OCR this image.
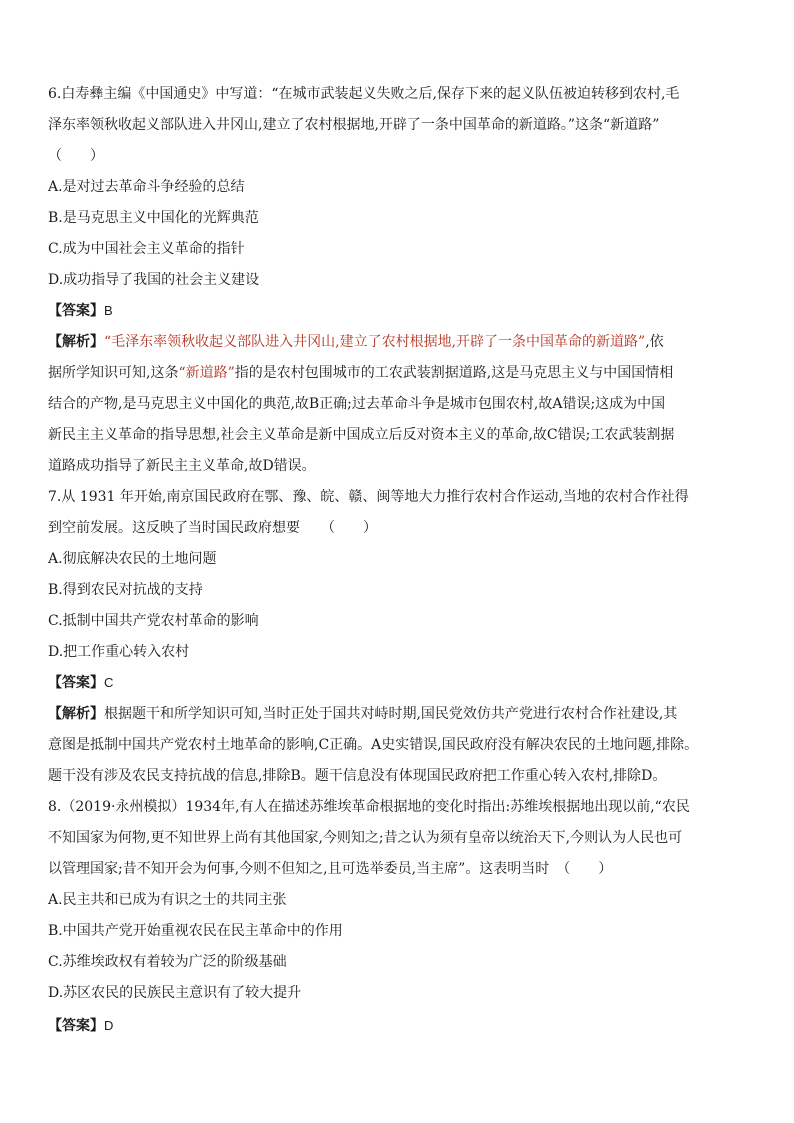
6.白寿彝主编《中国通史》中写道：“在城市武装起义失败之后,保存下来的起义队伍被迫转移到农村,毛
泽东率领秋收起义部队进入井冈山,建立了农村根据地,开辟了一条中国革命的新道路。”这条“新道路”
（　　）
A.是对过去革命斗争经验的总结
B.是马克思主义中国化的光辉典范
C.成为中国社会主义革命的指针
D.成功指导了我国的社会主义建设
【答案】B
【解析】“毛泽东率领秋收起义部队进入井冈山,建立了农村根据地,开辟了一条中国革命的新道路”,依
据所学知识可知,这条“新道路”指的是农村包围城市的工农武装割据道路,这是马克思主义与中国国情相
结合的产物,是马克思主义中国化的典范,故B正确;过去革命斗争是城市包围农村,故A错误;这成为中国
新民主主义革命的指导思想,社会主义革命是新中国成立后反对资本主义的革命,故C错误;工农武装割据
道路成功指导了新民主主义革命,故D错误。
7.从 1931 年开始,南京国民政府在鄂、豫、皖、赣、闽等地大力推行农村合作运动,当地的农村合作社得
到空前发展。这反映了当时国民政府想要　　（　　）
A.彻底解决农民的土地问题
B.得到农民对抗战的支持
C.抵制中国共产党农村革命的影响
D.把工作重心转入农村
【答案】C
【解析】根据题干和所学知识可知,当时正处于国共对峙时期,国民党效仿共产党进行农村合作社建设,其
意图是抵制中国共产党农村土地革命的影响,C正确。A史实错误,国民政府没有解决农民的土地问题,排除。
题干没有涉及农民支持抗战的信息,排除B。题干信息没有体现国民政府把工作重心转入农村,排除D。
8.（2019·永州模拟）1934年,有人在描述苏维埃革命根据地的变化时指出:苏维埃根据地出现以前,“农民
不知国家为何物,更不知世界上尚有其他国家,今则知之;昔之认为须有皇帝以统治天下,今则认为人民也可
以管理国家;昔不知开会为何事,今则不但知之,且可选举委员,当主席”。这表明当时　（　　）
A.民主共和已成为有识之士的共同主张
B.中国共产党开始重视农民在民主革命中的作用
C.苏维埃政权有着较为广泛的阶级基础
D.苏区农民的民族民主意识有了较大提升
【答案】D
